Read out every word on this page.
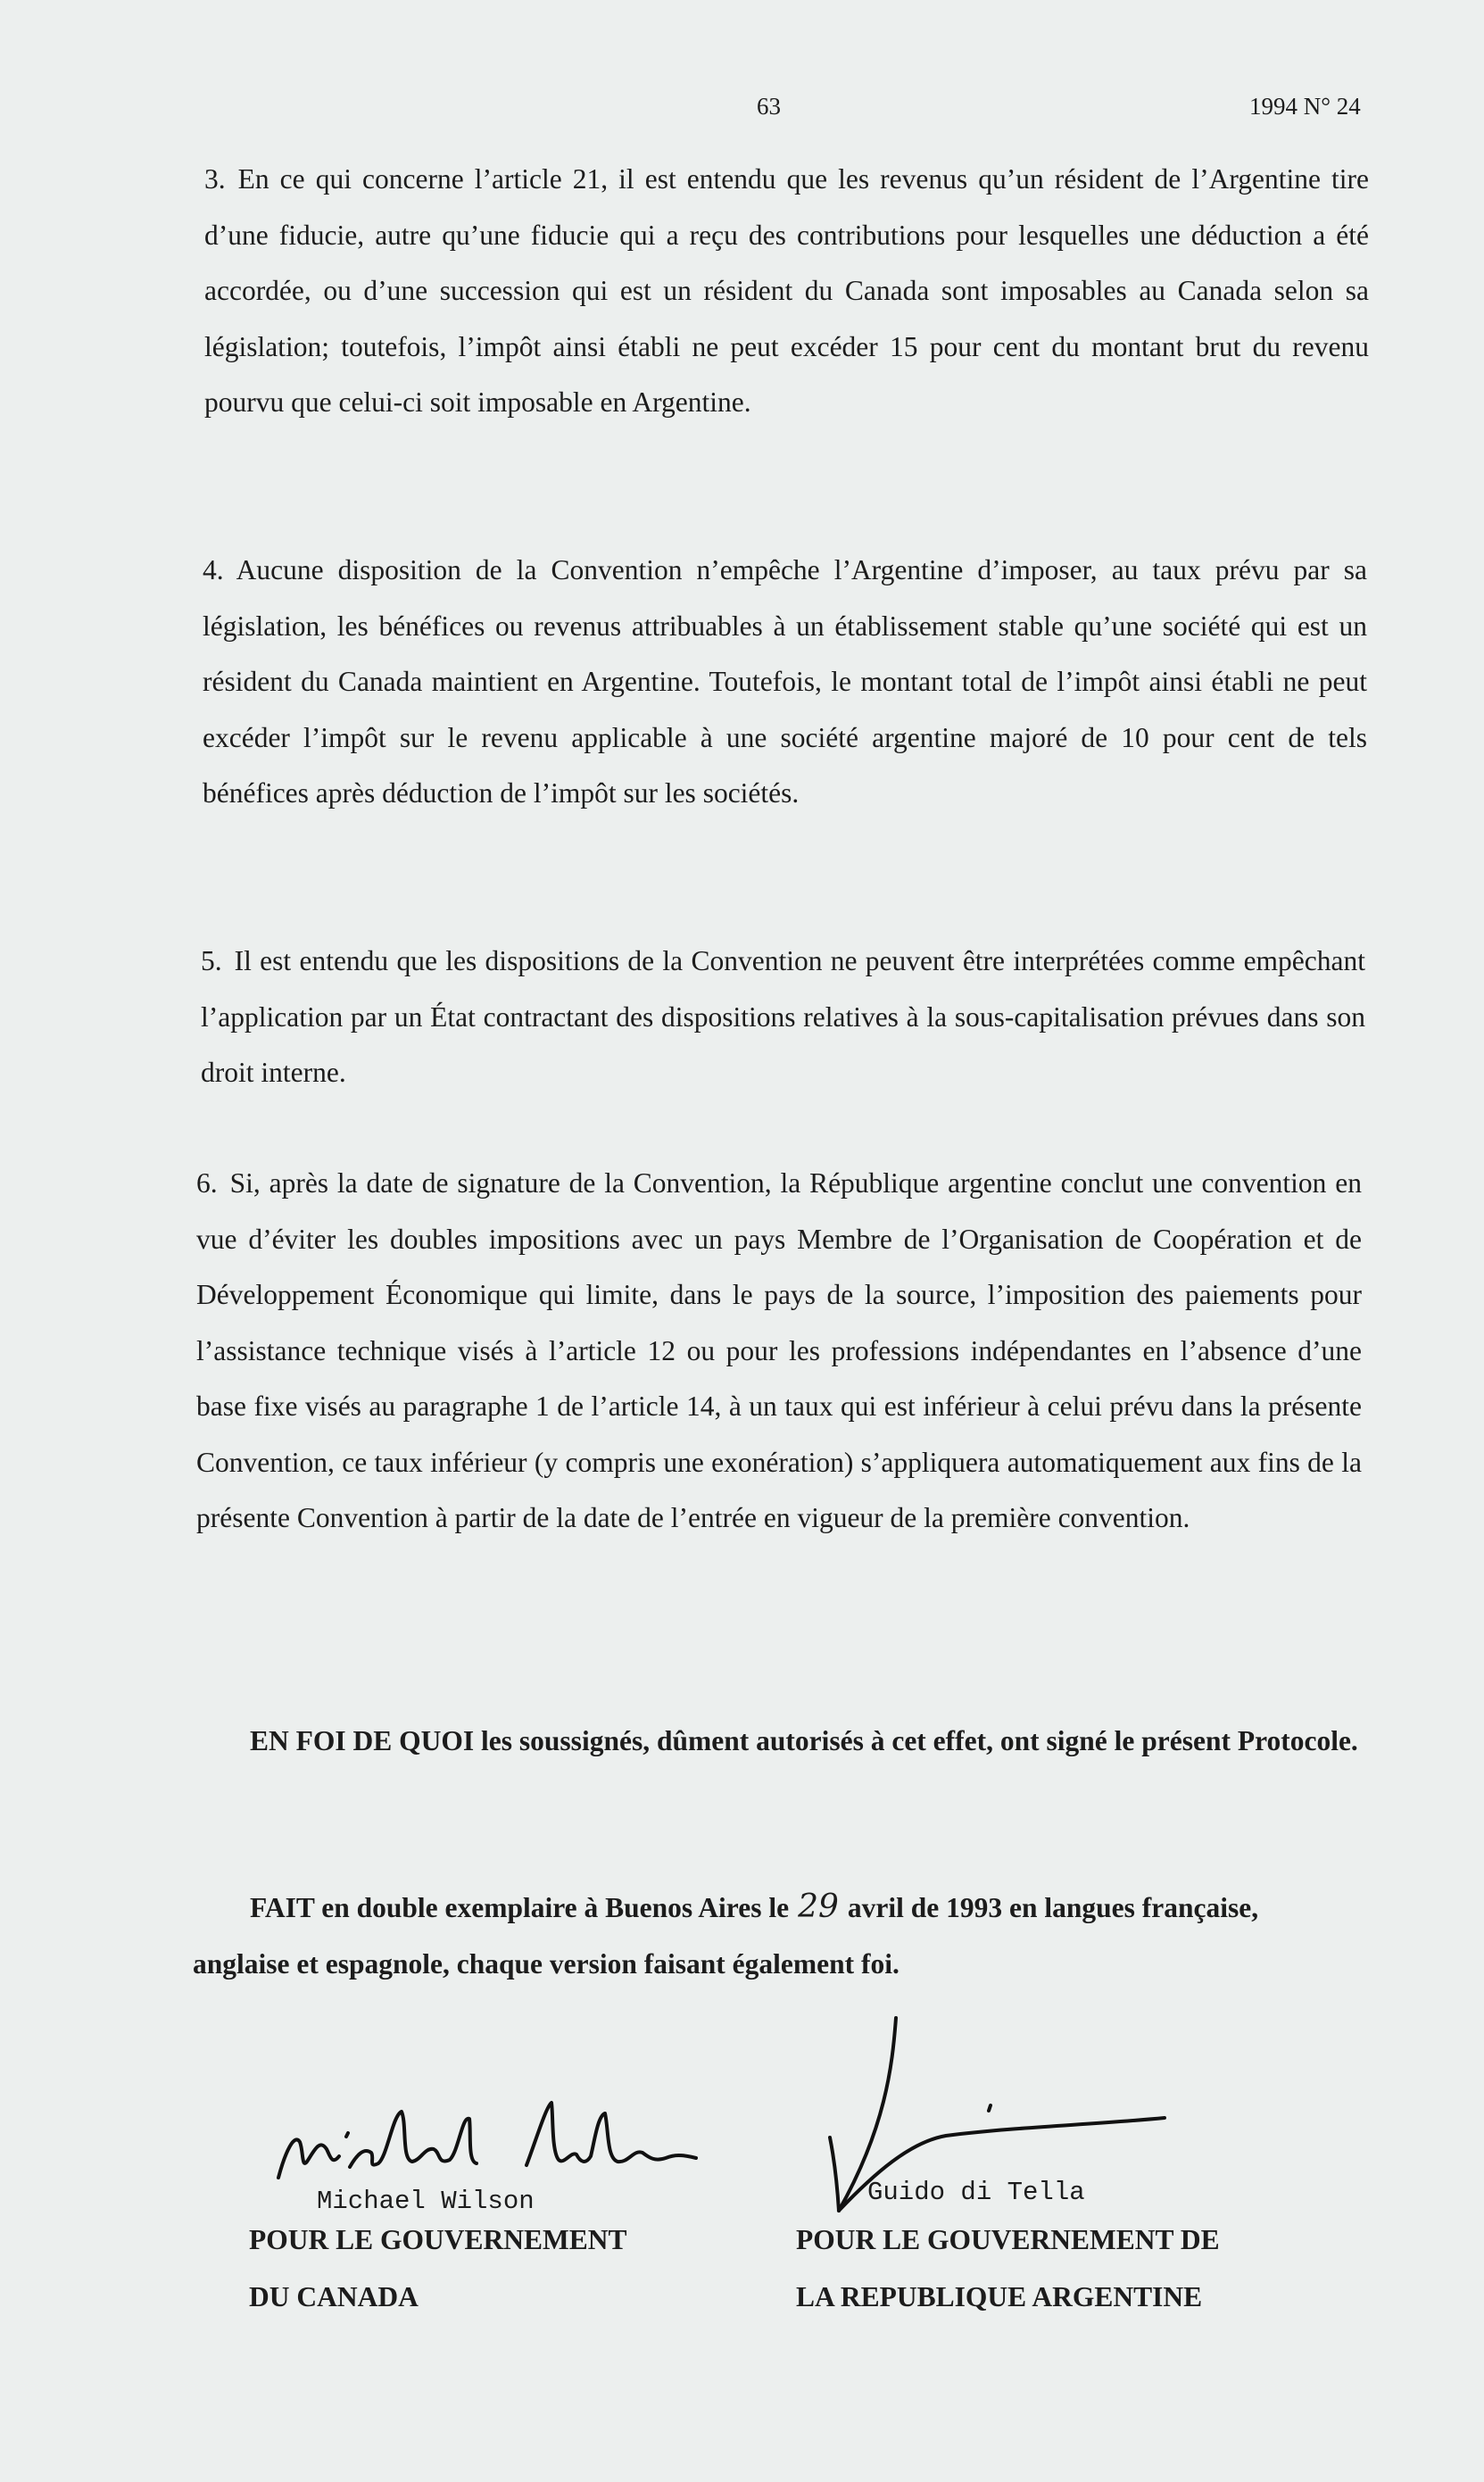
63	1994 N° 24

3. En ce qui concerne l’article 21, il est entendu que les revenus qu’un résident de l’Argentine tire d’une fiducie, autre qu’une fiducie qui a reçu des contributions pour lesquelles une déduction a été accordée, ou d’une succession qui est un résident du Canada sont imposables au Canada selon sa législation; toutefois, l’impôt ainsi établi ne peut excéder 15 pour cent du montant brut du revenu pourvu que celui-ci soit imposable en Argentine.

4. Aucune disposition de la Convention n’empêche l’Argentine d’imposer, au taux prévu par sa législation, les bénéfices ou revenus attribuables à un établissement stable qu’une société qui est un résident du Canada maintient en Argentine. Toutefois, le montant total de l’impôt ainsi établi ne peut excéder l’impôt sur le revenu applicable à une société argentine majoré de 10 pour cent de tels bénéfices après déduction de l’impôt sur les sociétés.

5. Il est entendu que les dispositions de la Convention ne peuvent être interprétées comme empêchant l’application par un État contractant des dispositions relatives à la sous-capitalisation prévues dans son droit interne.

6. Si, après la date de signature de la Convention, la République argentine conclut une convention en vue d’éviter les doubles impositions avec un pays Membre de l’Organisation de Coopération et de Développement Économique qui limite, dans le pays de la source, l’imposition des paiements pour l’assistance technique visés à l’article 12 ou pour les professions indépendantes en l’absence d’une base fixe visés au paragraphe 1 de l’article 14, à un taux qui est inférieur à celui prévu dans la présente Convention, ce taux inférieur (y compris une exonération) s’appliquera automatiquement aux fins de la présente Convention à partir de la date de l’entrée en vigueur de la première convention.

EN FOI DE QUOI les soussignés, dûment autorisés à cet effet, ont signé le présent Protocole.

FAIT en double exemplaire à Buenos Aires le 29 avril de 1993 en langues française, anglaise et espagnole, chaque version faisant également foi.

Michael Wilson	Guido di Tella
POUR LE GOUVERNEMENT
DU CANADA
POUR LE GOUVERNEMENT DE
LA REPUBLIQUE ARGENTINE
